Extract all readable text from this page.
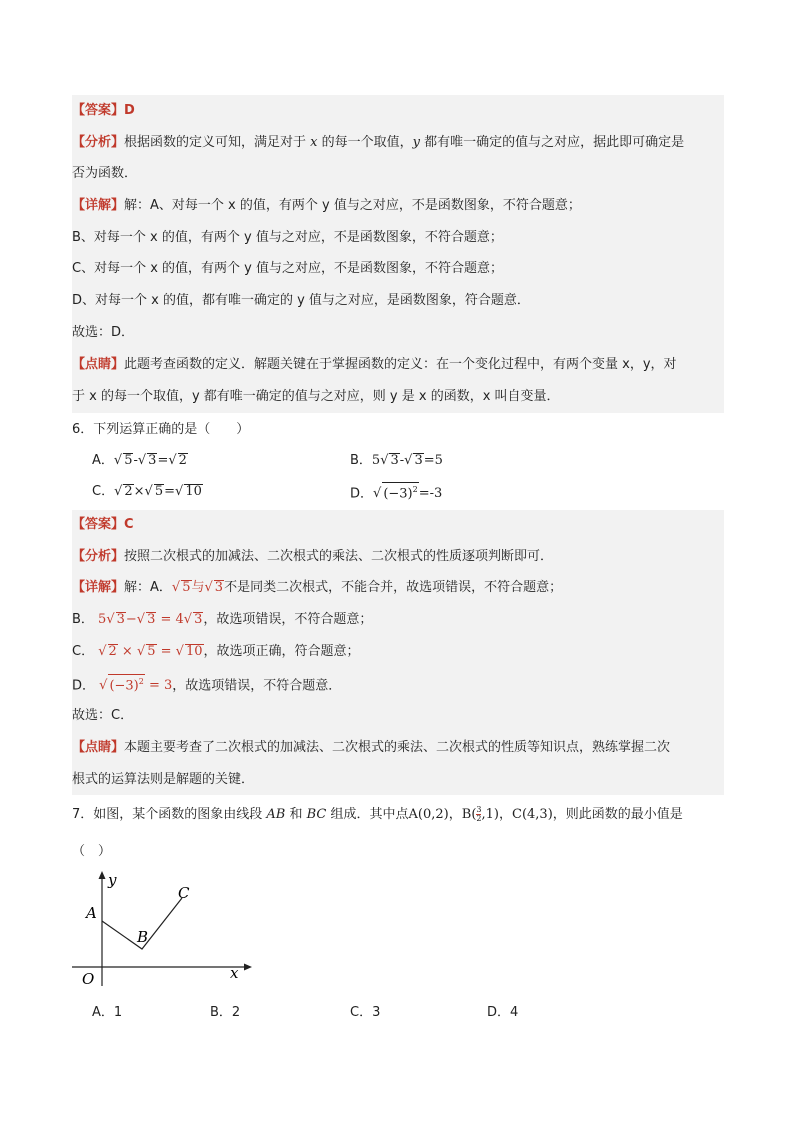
【答案】D
【分析】根据函数的定义可知，满足对于 x 的每一个取值，y 都有唯一确定的值与之对应，据此即可确定是
否为函数．
【详解】解：A、对每一个 x 的值，有两个 y 值与之对应，不是函数图象，不符合题意；
B、对每一个 x 的值，有两个 y 值与之对应，不是函数图象，不符合题意；
C、对每一个 x 的值，有两个 y 值与之对应，不是函数图象，不符合题意；
D、对每一个 x 的值，都有唯一确定的 y 值与之对应，是函数图象，符合题意．
故选：D．
【点睛】此题考查函数的定义．解题关键在于掌握函数的定义：在一个变化过程中，有两个变量 x，y，对
于 x 的每一个取值，y 都有唯一确定的值与之对应，则 y 是 x 的函数，x 叫自变量．
6．下列运算正确的是（　　）
A．√ 5-√ 3=√ 2	B．5√ 3-√ 3=5
C．√ 2×√ 5=√ 10	D．√ $(-3)^2=-3$
【答案】C
【分析】按照二次根式的加减法、二次根式的乘法、二次根式的性质逐项判断即可．
【详解】解：A．√ 5与√ 3不是同类二次根式，不能合并，故选项错误，不符合题意；
B． 5√ 3−√ 3 = 4√ 3，故选项错误，不符合题意；
C． √ 2 × √ 5 = √ 10，故选项正确，符合题意；
D． √ $(-3)^2 = 3$，故选项错误，不符合题意．
故选：C．
【点睛】本题主要考查了二次根式的加减法、二次根式的乘法、二次根式的性质等知识点，熟练掌握二次
根式的运算法则是解题的关键．
7．如图，某个函数的图象由线段 AB 和 BC 组成．其中点A(0,2)，$B( \frac{3}{2} ,1)$，C(4,3)，则此函数的最小值是
（　）
y
x
O
A
B
C
A．1	B．2	C．3	D．4
